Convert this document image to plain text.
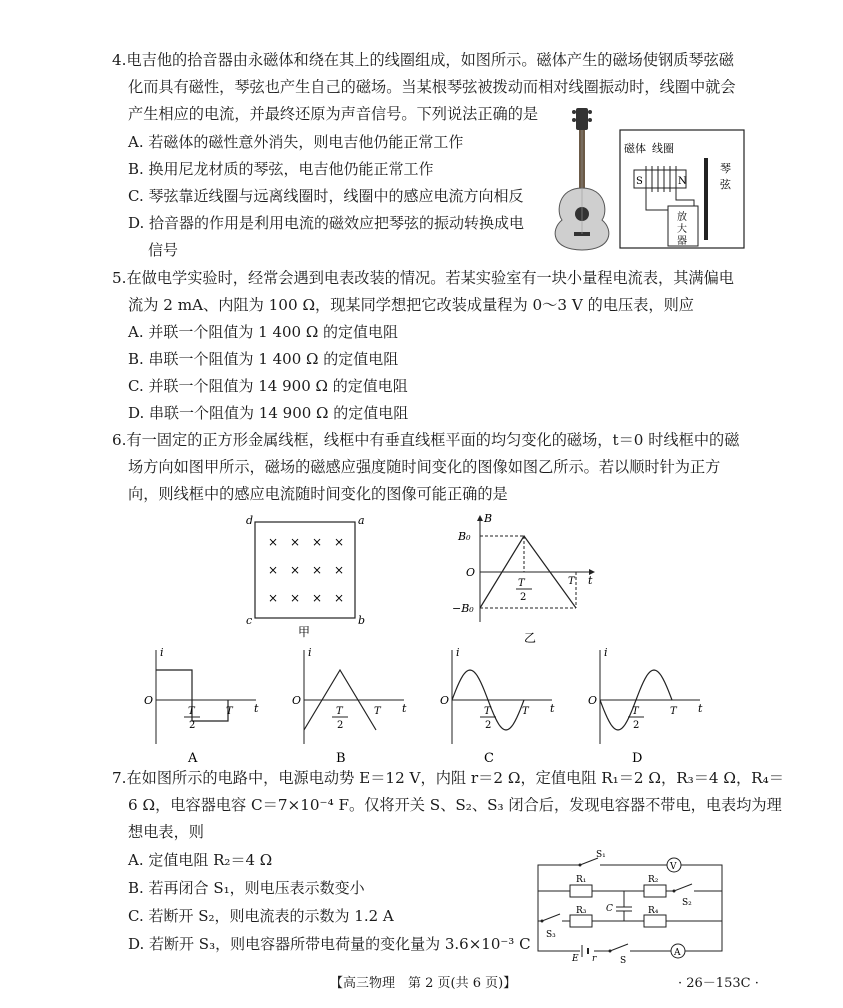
4.电吉他的拾音器由永磁体和绕在其上的线圈组成，如图所示。磁体产生的磁场使钢质琴弦磁
化而具有磁性，琴弦也产生自己的磁场。当某根琴弦被拨动而相对线圈振动时，线圈中就会
产生相应的电流，并最终还原为声音信号。下列说法正确的是
A. 若磁体的磁性意外消失，则电吉他仍能正常工作
B. 换用尼龙材质的琴弦，电吉他仍能正常工作
C. 琴弦靠近线圈与远离线圈时，线圈中的感应电流方向相反
D. 拾音器的作用是利用电流的磁效应把琴弦的振动转换成电
信号
磁体 线圈
S	N
琴
弦
放
大
器
5.在做电学实验时，经常会遇到电表改装的情况。若某实验室有一块小量程电流表，其满偏电
流为 2 mA、内阻为 100 Ω，现某同学想把它改装成量程为 0～3 V 的电压表，则应
A. 并联一个阻值为 1 400 Ω 的定值电阻
B. 串联一个阻值为 1 400 Ω 的定值电阻
C. 并联一个阻值为 14 900 Ω 的定值电阻
D. 串联一个阻值为 14 900 Ω 的定值电阻
6.有一固定的正方形金属线框，线框中有垂直线框平面的均匀变化的磁场，t＝0 时线框中的磁
场方向如图甲所示，磁场的磁感应强度随时间变化的图像如图乙所示。若以顺时针为正方
向，则线框中的感应电流随时间变化的图像可能正确的是
d	a
c	b
× × × ×
× × × ×
× × × ×
甲
B
t
O
B₀
−B₀
T
2
T
乙
i
t
O
T
2
T
A
i
t
O
T
2
T
B
i
t
O
T
2
T
C
i
t
O
T
2
T
D
7.在如图所示的电路中，电源电动势 E＝12 V，内阻 r＝2 Ω，定值电阻 R₁＝2 Ω，R₃＝4 Ω，R₄＝
6 Ω，电容器电容 C＝7×10⁻⁴ F。仅将开关 S、S₂、S₃ 闭合后，发现电容器不带电，电表均为理
想电表，则
A. 定值电阻 R₂＝4 Ω
B. 若再闭合 S₁，则电压表示数变小
C. 若断开 S₂，则电流表的示数为 1.2 A
D. 若断开 S₃，则电容器所带电荷量的变化量为 3.6×10⁻³ C
V
A
S₁
S₂
S₃
S
R₁	R₂
R₃	R₄
C
E r
【高三物理　第 2 页(共 6 页)】	· 26－153C ·
